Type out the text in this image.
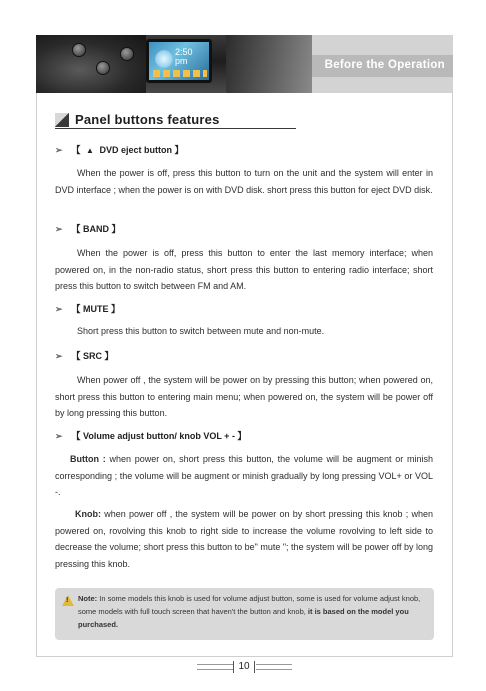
2:50
pm	Before the Operation
Panel buttons features
➢ 【 ▲ DVD eject button 】

When the power is off, press this button to turn on the unit and the system will enter in DVD interface ; when the power is on with DVD disk. short press this button for eject DVD disk.

➢ 【 BAND 】

When the power is off, press this button to enter the last memory interface; when powered on, in the non-radio status, short press this button to entering radio interface; short press this button to switch between FM and AM.

➢ 【 MUTE 】

Short press this button to switch between mute and non-mute.

➢ 【 SRC 】

When power off , the system will be power on by pressing this button; when powered on, short press this button to entering main menu; when powered on, the system will be power off by long pressing this button.

➢ 【 Volume adjust button/ knob VOL + - 】

Button : when power on, short press this button, the volume will be augment or minish corresponding ; the volume will be augment or minish gradually by long pressing VOL+ or VOL -.

Knob: when power off , the system will be power on by short pressing this knob ; when powered on, rovolving this knob to right side to increase the volume rovolving to left side to decrease the volume; short press this button to be" mute "; the system will be power off by long pressing this knob.

! Note: In some models this knob is used for volume adjust button, some is used for volume adjust knob, some models with full touch screen that haven't the button and knob, it is based on the model you purchased.
10
